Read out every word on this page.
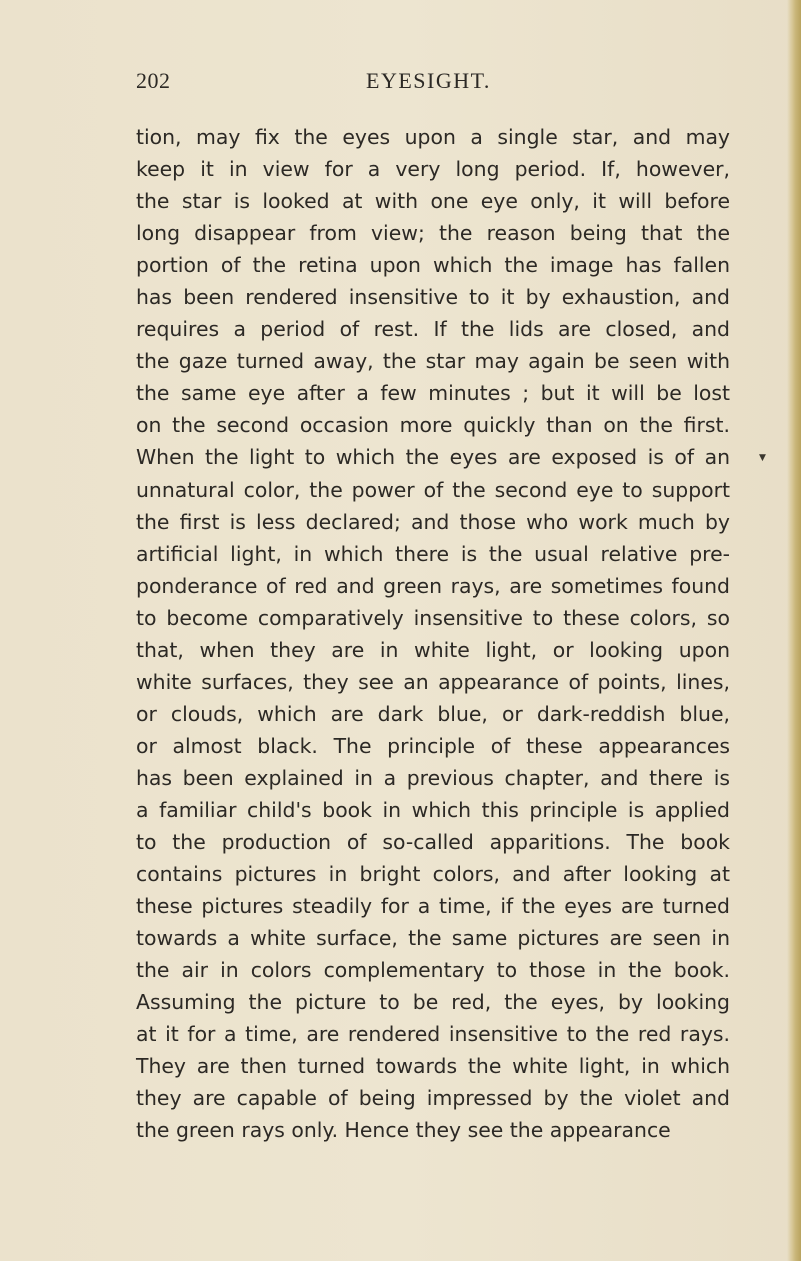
202	EYESIGHT.
tion, may fix the eyes upon a single star, and may
keep it in view for a very long period. If, however,
the star is looked at with one eye only, it will before
long disappear from view; the reason being that the
portion of the retina upon which the image has fallen
has been rendered insensitive to it by exhaustion, and
requires a period of rest. If the lids are closed, and
the gaze turned away, the star may again be seen with
the same eye after a few minutes ; but it will be lost
on the second occasion more quickly than on the first.
When the light to which the eyes are exposed is of an
unnatural color, the power of the second eye to support
the first is less declared; and those who work much by
artificial light, in which there is the usual relative pre-
ponderance of red and green rays, are sometimes found
to become comparatively insensitive to these colors, so
that, when they are in white light, or looking upon
white surfaces, they see an appearance of points, lines,
or clouds, which are dark blue, or dark-reddish blue,
or almost black. The principle of these appearances
has been explained in a previous chapter, and there is
a familiar child's book in which this principle is applied
to the production of so-called apparitions. The book
contains pictures in bright colors, and after looking at
these pictures steadily for a time, if the eyes are turned
towards a white surface, the same pictures are seen in
the air in colors complementary to those in the book.
Assuming the picture to be red, the eyes, by looking
at it for a time, are rendered insensitive to the red rays.
They are then turned towards the white light, in which
they are capable of being impressed by the violet and
the green rays only. Hence they see the appearance
▼
